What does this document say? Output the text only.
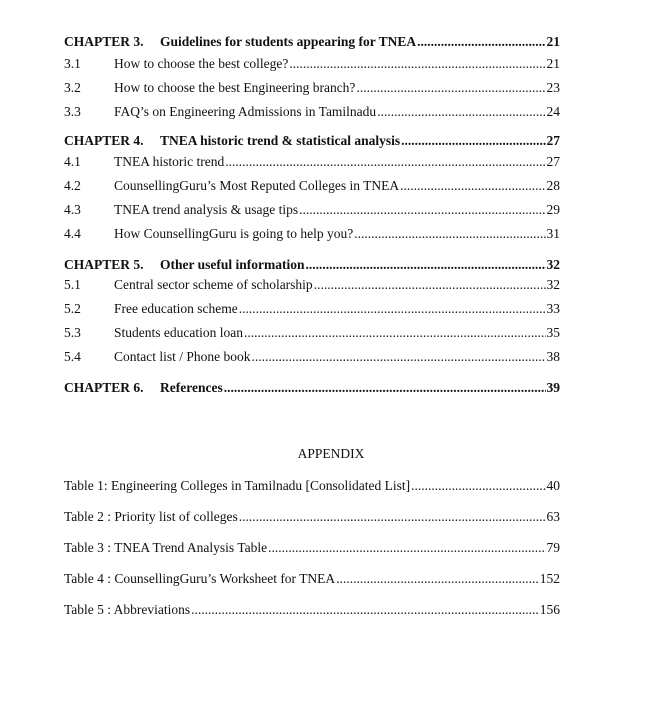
CHAPTER 3.	Guidelines for students appearing for TNEA .....	21
3.1	How to choose the best college? .....	21
3.2	How to choose the best Engineering branch? .....	23
3.3	FAQ’s on Engineering Admissions in Tamilnadu .....	24
CHAPTER 4.	TNEA historic trend & statistical analysis .....	27
4.1	TNEA historic trend .....	27
4.2	CounsellingGuru’s Most Reputed Colleges in TNEA .....	28
4.3	TNEA trend analysis & usage tips .....	29
4.4	How CounsellingGuru is going to help you? .....	31
CHAPTER 5.	Other useful information .....	32
5.1	Central sector scheme of scholarship .....	32
5.2	Free education scheme .....	33
5.3	Students education loan .....	35
5.4	Contact list / Phone book .....	38
CHAPTER 6.	References .....	39
APPENDIX
Table 1: Engineering Colleges in Tamilnadu [Consolidated List] .....	40
Table 2 : Priority list of colleges .....	63
Table 3 : TNEA Trend Analysis Table .....	79
Table 4 : CounsellingGuru’s Worksheet for TNEA .....	152
Table 5 : Abbreviations .....	156
